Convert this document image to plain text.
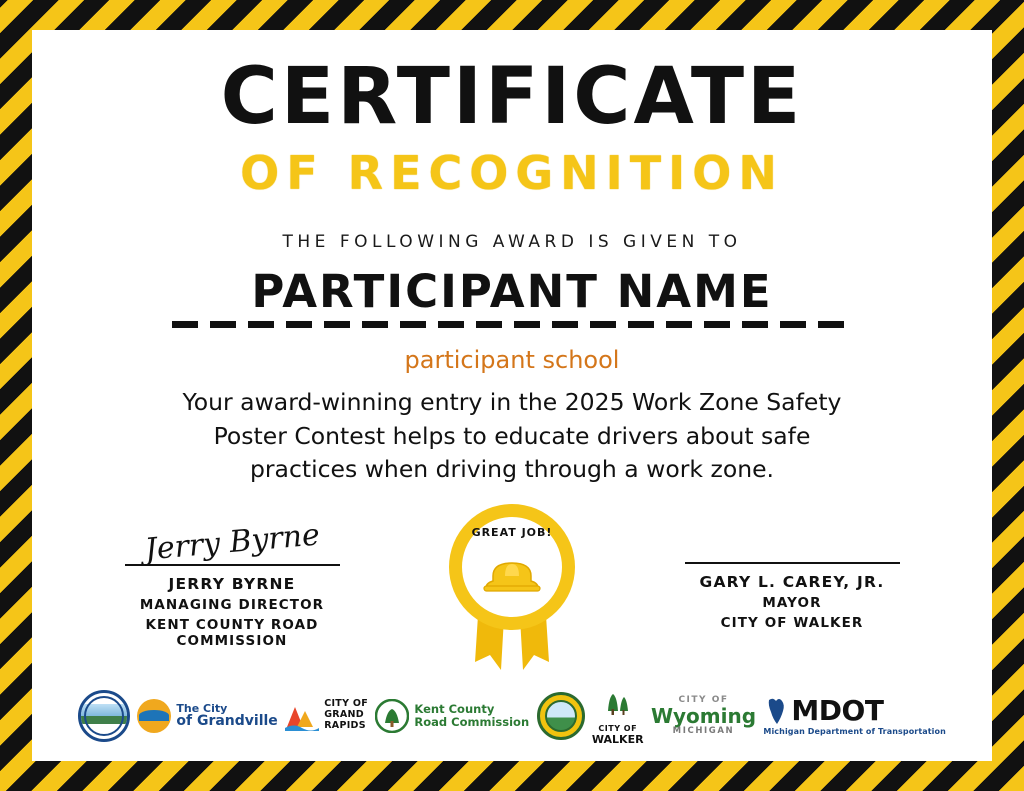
CERTIFICATE
OF RECOGNITION
THE FOLLOWING AWARD IS GIVEN TO
PARTICIPANT NAME
participant school
Your award-winning entry in the 2025 Work Zone Safety Poster Contest helps to educate drivers about safe practices when driving through a work zone.
Jerry Byrne
JERRY BYRNE
MANAGING DIRECTOR
KENT COUNTY ROAD COMMISSION
GREAT JOB!
GARY L. CAREY, JR.
MAYOR
CITY OF WALKER
The City
of Grandville
CITY OF
GRAND
RAPIDS
Kent County
Road Commission
CITY OF
WALKER
CITY OF
Wyoming
MICHIGAN
MDOT
Michigan Department of Transportation
